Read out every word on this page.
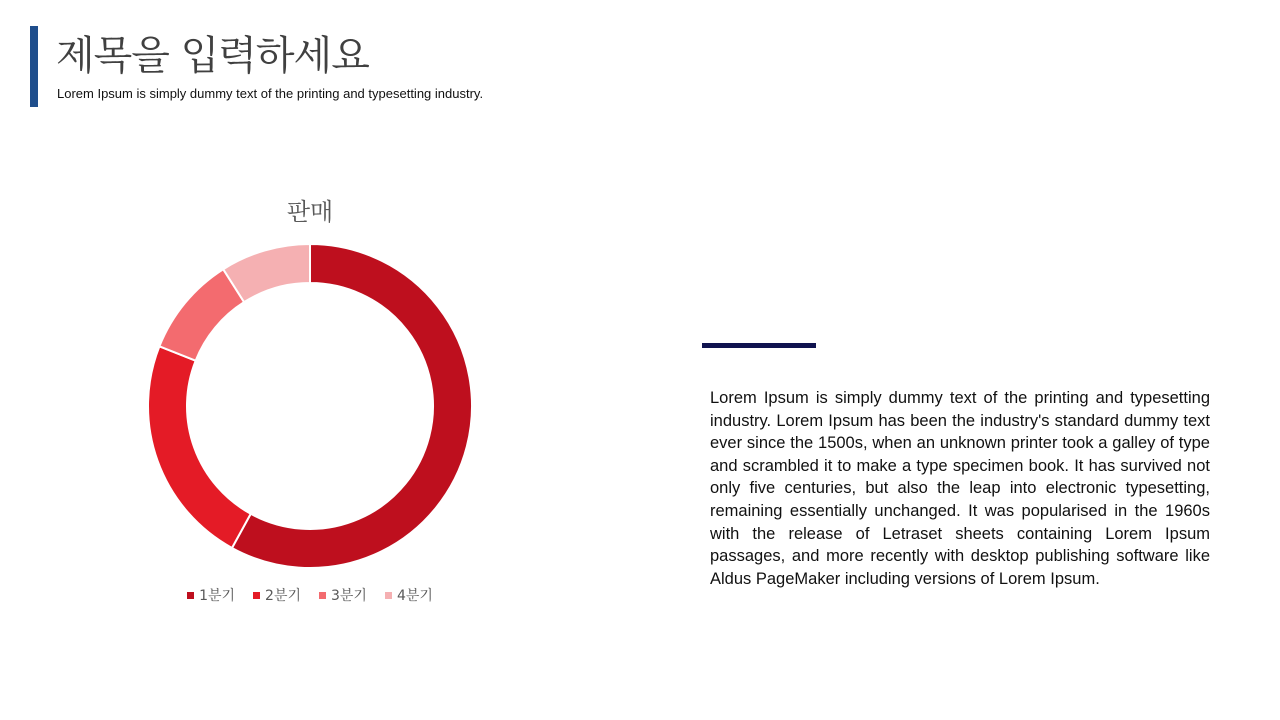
제목을 입력하세요
Lorem Ipsum is simply dummy text of the printing and typesetting industry.
판매
1분기 2분기 3분기 4분기
Lorem Ipsum is simply dummy text of the printing and typesetting industry. Lorem Ipsum has been the industry's standard dummy text ever since the 1500s, when an unknown printer took a galley of type and scrambled it to make a type specimen book. It has survived not only five centuries, but also the leap into electronic typesetting, remaining essentially unchanged. It was popularised in the 1960s with the release of Letraset sheets containing Lorem Ipsum passages, and more recently with desktop publishing software like Aldus PageMaker including versions of Lorem Ipsum.
